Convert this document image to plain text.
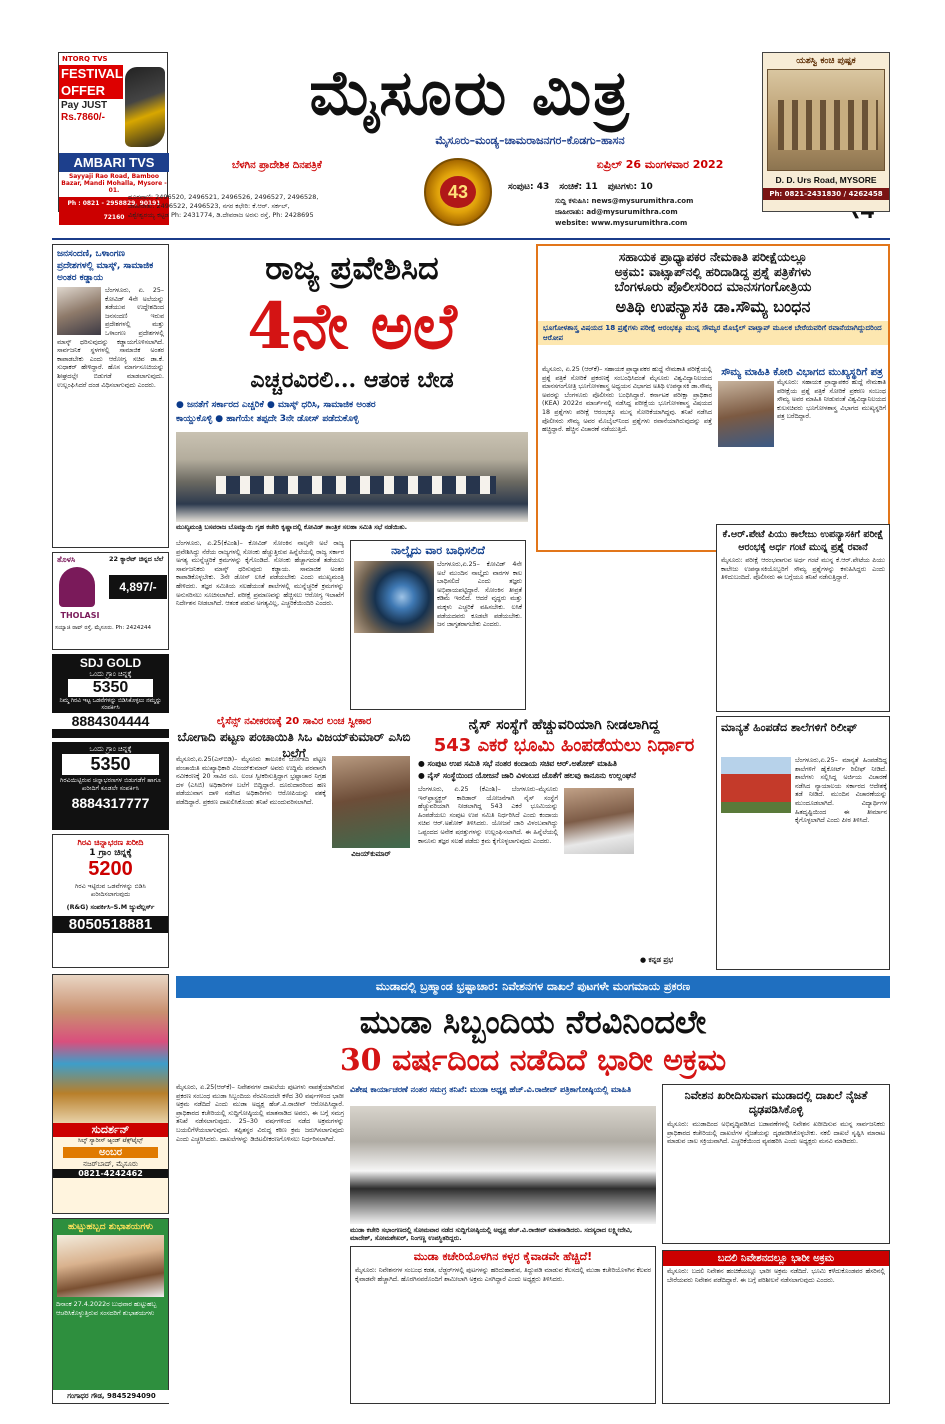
NTORQ TVS
FESTIVAL
OFFER
Pay JUST
Rs.7860/-
AMBARI TVS
Sayyaji Rao Road, Bamboo Bazar, Mandi Mohalla, Mysore - 01.
Ph : 0821 - 2958829, 90191 72160
ಮೈಸೂರು ಮಿತ್ರ
ಮೈಸೂರು–ಮಂಡ್ಯ–ಚಾಮರಾಜನಗರ–ಕೊಡಗು–ಹಾಸನ
ಬೆಳಗಿನ ಪ್ರಾದೇಶಿಕ ದಿನಪತ್ರಿಕೆ	ಏಪ್ರಿಲ್ 26 ಮಂಗಳವಾರ 2022
43	ಸಂಪುಟ: 43 ಸಂಚಿಕೆ: 11 ಪುಟಗಳು: 10
ದೂರವಾಣಿ: 2496520, 2496521, 2496526, 2496527, 2496528,
ಜಾಹೀರಾತು: 2496522, 2496523, ನಗರ ಕಛೇರಿ: ಕೆ.ಆರ್. ಸರ್ಕಲ್,
ವಿಶ್ವೇಶ್ವರಯ್ಯ ಕಟ್ಟಡ Ph: 2431774, ಡಿ.ದೇವರಾಜ ಅರಸು ರಸ್ತೆ, Ph: 2428695
ಸುದ್ದಿ ಕಳುಹಿಸಿ: news@mysurumithra.com
ಜಾಹೀರಾತು: ad@mysurumithra.com
website: www.mysurumithra.com
ಯಶಸ್ವಿ ಕಂಚಿ ಪುಷ್ಪಕ
D. D. Urs Road, MYSORE
Ph: 0821-2431830 / 4262458
ಜನಸಂದಣಿ, ಒಳಾಂಗಣ ಪ್ರದೇಶಗಳಲ್ಲಿ ಮಾಸ್ಕ್, ಸಾಮಾಜಿಕ ಅಂತರ ಕಡ್ಡಾಯ
ಬೆಂಗಳೂರು, ಏ. 25– ಕೋವಿಡ್ 4ನೇ ಅಲೆಯನ್ನು ತಡೆಯುವ ಉದ್ದೇಶದಿಂದ ಜನಸಂದಣಿ ಇರುವ ಪ್ರದೇಶಗಳಲ್ಲಿ ಮತ್ತು ಒಳಾಂಗಣ ಪ್ರದೇಶಗಳಲ್ಲಿ ಮಾಸ್ಕ್ ಧರಿಸುವುದನ್ನು ಕಡ್ಡಾಯಗೊಳಿಸಲಾಗಿದೆ. ಸಾರ್ವಜನಿಕ ಸ್ಥಳಗಳಲ್ಲಿ ಸಾಮಾಜಿಕ ಅಂತರ ಕಾಪಾಡಬೇಕು ಎಂದು ಆರೋಗ್ಯ ಸಚಿವ ಡಾ.ಕೆ. ಸುಧಾಕರ್ ಹೇಳಿದ್ದಾರೆ. ಹೊಸ ಮಾರ್ಗಸೂಚಿಯನ್ನು ಶೀಘ್ರದಲ್ಲೇ ಬಿಡುಗಡೆ ಮಾಡಲಾಗುವುದು. ಉಲ್ಲಂಘಿಸಿದರೆ ದಂಡ ವಿಧಿಸಲಾಗುವುದು ಎಂದರು.
ರಾಜ್ಯ ಪ್ರವೇಶಿಸಿದ
4ನೇ ಅಲೆ
ಎಚ್ಚರವಿರಲಿ... ಆತಂಕ ಬೇಡ
● ಜನತೆಗೆ ಸರ್ಕಾರದ ಎಚ್ಚರಿಕೆ ● ಮಾಸ್ಕ್ ಧರಿಸಿ, ಸಾಮಾಜಿಕ ಅಂತರ
ಕಾಯ್ದುಕೊಳ್ಳಿ ● ಹಾಗೆಯೇ ತಪ್ಪದೇ 3ನೇ ಡೋಸ್ ಪಡೆದುಕೊಳ್ಳಿ
ಮುಖ್ಯಮಂತ್ರಿ ಬಸವರಾಜ ಬೊಮ್ಮಾಯಿ ಗೃಹ ಕಚೇರಿ ಕೃಷ್ಣಾದಲ್ಲಿ ಕೋವಿಡ್ ತಾಂತ್ರಿಕ ಸಲಹಾ ಸಮಿತಿ ಸಭೆ ನಡೆಯಿತು.
ಬೆಂಗಳೂರು, ಏ.25(ಕೆಎಂಶಿ)– ಕೋವಿಡ್ ಸೋಂಕಿನ ನಾಲ್ಕನೇ ಅಲೆ ರಾಜ್ಯ ಪ್ರವೇಶಿಸಿದ್ದು ನೆರೆಯ ರಾಜ್ಯಗಳಲ್ಲಿ ಸೋಂಕು ಹೆಚ್ಚುತ್ತಿರುವ ಹಿನ್ನೆಲೆಯಲ್ಲಿ ರಾಜ್ಯ ಸರ್ಕಾರ ಅಗತ್ಯ ಮುನ್ನೆಚ್ಚರಿಕೆ ಕ್ರಮಗಳನ್ನು ಕೈಗೊಂಡಿದೆ. ಸೋಂಕು ಹೆಚ್ಚಾಗದಂತೆ ತಡೆಯಲು ಸಾರ್ವಜನಿಕರು ಮಾಸ್ಕ್ ಧರಿಸುವುದು ಕಡ್ಡಾಯ. ಸಾಮಾಜಿಕ ಅಂತರ ಕಾಪಾಡಿಕೊಳ್ಳಬೇಕು. 3ನೇ ಡೋಸ್ ಲಸಿಕೆ ಪಡೆಯಬೇಕು ಎಂದು ಮುಖ್ಯಮಂತ್ರಿ ಹೇಳಿದರು. ತಜ್ಞರ ಸಮಿತಿಯ ಸಲಹೆಯಂತೆ ಶಾಲೆಗಳಲ್ಲಿ ಮುನ್ನೆಚ್ಚರಿಕೆ ಕ್ರಮಗಳನ್ನು ಅನುಸರಿಸಲು ಸೂಚಿಸಲಾಗಿದೆ. ಪರೀಕ್ಷೆ ಪ್ರಮಾಣವನ್ನು ಹೆಚ್ಚಿಸಲು ಆರೋಗ್ಯ ಇಲಾಖೆಗೆ ನಿರ್ದೇಶನ ನೀಡಲಾಗಿದೆ. ಆತಂಕ ಪಡುವ ಅಗತ್ಯವಿಲ್ಲ, ಎಚ್ಚರಿಕೆಯಿಂದಿರಿ ಎಂದರು.
ನಾಲ್ಕೈದು ವಾರ ಬಾಧಿಸಲಿದೆ
ಬೆಂಗಳೂರು,ಏ.25– ಕೋವಿಡ್ 4ನೇ ಅಲೆ ಮುಂದಿನ ನಾಲ್ಕೈದು ವಾರಗಳ ಕಾಲ ಬಾಧಿಸಲಿದೆ ಎಂದು ತಜ್ಞರು ಅಭಿಪ್ರಾಯಪಟ್ಟಿದ್ದಾರೆ. ಸೋಂಕಿನ ತೀವ್ರತೆ ಕಡಿಮೆ ಇರಲಿದೆ. ಆದರೆ ವೃದ್ಧರು ಮತ್ತು ಮಕ್ಕಳು ಎಚ್ಚರಿಕೆ ವಹಿಸಬೇಕು. ಲಸಿಕೆ ಪಡೆಯದವರು ಕೂಡಲೇ ಪಡೆಯಬೇಕು. ಜನ ಜಾಗೃತರಾಗಬೇಕು ಎಂದರು.
ಸಹಾಯಕ ಪ್ರಾಧ್ಯಾಪಕರ ನೇಮಕಾತಿ ಪರೀಕ್ಷೆಯಲ್ಲೂ
ಅಕ್ರಮ: ವಾಟ್ಸಾಪ್‌ನಲ್ಲಿ ಹರಿದಾಡಿದ್ದ ಪ್ರಶ್ನೆ ಪತ್ರಿಕೆಗಳು
ಬೆಂಗಳೂರು ಪೊಲೀಸರಿಂದ ಮಾನಸಗಂಗೋತ್ರಿಯ
ಅತಿಥಿ ಉಪನ್ಯಾಸಕಿ ಡಾ.ಸೌಮ್ಯ ಬಂಧನ
ಭೂಗೋಳಶಾಸ್ತ್ರ ವಿಷಯದ 18 ಪ್ರಶ್ನೆಗಳು ಪರೀಕ್ಷೆ ಆರಂಭಕ್ಕೂ ಮುನ್ನ ಸೌಮ್ಯರ ಮೊಬೈಲ್ ವಾಟ್ಸಾಪ್ ಮೂಲಕ ಬೇರೆಯವರಿಗೆ ರವಾನೆಯಾಗಿದ್ದುದರಿಂದ ಆರೋಪ
ಮೈಸೂರು, ಏ.25 (ಆರ್‌ಕೆ)– ಸಹಾಯಕ ಪ್ರಾಧ್ಯಾಪಕರ ಹುದ್ದೆ ನೇಮಕಾತಿ ಪರೀಕ್ಷೆಯಲ್ಲಿ ಪ್ರಶ್ನೆ ಪತ್ರಿಕೆ ಸೋರಿಕೆ ಪ್ರಕರಣಕ್ಕೆ ಸಂಬಂಧಿಸಿದಂತೆ ಮೈಸೂರು ವಿಶ್ವವಿದ್ಯಾನಿಲಯದ ಮಾನಸಗಂಗೋತ್ರಿ ಭೂಗೋಳಶಾಸ್ತ್ರ ಅಧ್ಯಯನ ವಿಭಾಗದ ಅತಿಥಿ ಉಪನ್ಯಾಸಕಿ ಡಾ.ಸೌಮ್ಯ ಅವರನ್ನು ಬೆಂಗಳೂರು ಪೊಲೀಸರು ಬಂಧಿಸಿದ್ದಾರೆ. ಕರ್ನಾಟಕ ಪರೀಕ್ಷಾ ಪ್ರಾಧಿಕಾರ (KEA) 2022ರ ಮಾರ್ಚ್‌ನಲ್ಲಿ ನಡೆಸಿದ್ದ ಪರೀಕ್ಷೆಯ ಭೂಗೋಳಶಾಸ್ತ್ರ ವಿಷಯದ 18 ಪ್ರಶ್ನೆಗಳು ಪರೀಕ್ಷೆ ಆರಂಭಕ್ಕೂ ಮುನ್ನ ಸೋರಿಕೆಯಾಗಿದ್ದವು. ತನಿಖೆ ನಡೆಸಿದ ಪೊಲೀಸರು ಸೌಮ್ಯ ಅವರ ಮೊಬೈಲ್‌ನಿಂದ ಪ್ರಶ್ನೆಗಳು ರವಾನೆಯಾಗಿರುವುದನ್ನು ಪತ್ತೆ ಹಚ್ಚಿದ್ದಾರೆ. ಹೆಚ್ಚಿನ ವಿಚಾರಣೆ ನಡೆಯುತ್ತಿದೆ.
ಸೌಮ್ಯ ಮಾಹಿತಿ ಕೋರಿ ವಿಭಾಗದ ಮುಖ್ಯಸ್ಥರಿಗೆ ಪತ್ರ
ಮೈಸೂರು: ಸಹಾಯಕ ಪ್ರಾಧ್ಯಾಪಕರ ಹುದ್ದೆ ನೇಮಕಾತಿ ಪರೀಕ್ಷೆಯ ಪ್ರಶ್ನೆ ಪತ್ರಿಕೆ ಸೋರಿಕೆ ಪ್ರಕರಣ ಸಂಬಂಧ ಸೌಮ್ಯ ಅವರ ಮಾಹಿತಿ ನೀಡುವಂತೆ ವಿಶ್ವವಿದ್ಯಾನಿಲಯದ ಕುಲಸಚಿವರು ಭೂಗೋಳಶಾಸ್ತ್ರ ವಿಭಾಗದ ಮುಖ್ಯಸ್ಥರಿಗೆ ಪತ್ರ ಬರೆದಿದ್ದಾರೆ.
ಕೆ.ಆರ್.ಪೇಟೆ ಪಿಯು ಕಾಲೇಜು ಉಪನ್ಯಾಸಕಿಗೆ ಪರೀಕ್ಷೆ ಆರಂಭಕ್ಕೆ ಅರ್ಧ ಗಂಟೆ ಮುನ್ನ ಪ್ರಶ್ನೆ ರವಾನೆ
ಮೈಸೂರು: ಪರೀಕ್ಷೆ ಆರಂಭವಾಗುವ ಅರ್ಧ ಗಂಟೆ ಮುನ್ನ ಕೆ.ಆರ್.ಪೇಟೆಯ ಪಿಯು ಕಾಲೇಜು ಉಪನ್ಯಾಸಕಿಯೊಬ್ಬರಿಗೆ ಸೌಮ್ಯ ಪ್ರಶ್ನೆಗಳನ್ನು ಕಳುಹಿಸಿದ್ದರು ಎಂದು ತಿಳಿದುಬಂದಿದೆ. ಪೊಲೀಸರು ಈ ಬಗ್ಗೆಯೂ ತನಿಖೆ ನಡೆಸುತ್ತಿದ್ದಾರೆ.
ತೊಳಸಿ
THOLASI
22 ಕ್ಯಾರೆಟ್ ಚಿನ್ನದ ಬೆಲೆ
4,897/-
ಸಯ್ಯಾಜಿ ರಾವ್ ರಸ್ತೆ, ಮೈಸೂರು. Ph: 2424244
SDJ GOLD
ಒಂದು ಗ್ರಾಂ ಚಿನ್ನಕ್ಕೆ
5350
ನಿಮ್ಮ ಗಿರವಿ ಇಟ್ಟ ಒಡವೆಗಳನ್ನು ಬಿಡಿಸಿಕೊಳ್ಳಲು ನಮ್ಮನ್ನು ಸಂಪರ್ಕಿಸಿ
8884304444
ಒಂದು ಗ್ರಾಂ ಚಿನ್ನಕ್ಕೆ
5350
ಗಿರವಿಯಿಟ್ಟಿರುವ ಚಿನ್ನಾಭರಣಗಳ ಬಿಡುಗಡೆಗೆ ಹಾಗೂ ಖರೀದಿಗೆ ಕೂಡಲೇ ಸಂಪರ್ಕಿಸಿ
8884317777
ಗಿರವಿ ಚಿನ್ನಾಭರಣ ಖರೀದಿ
1 ಗ್ರಾಂ ಚಿನ್ನಕ್ಕೆ
5200
ಗಿರವಿ ಇಟ್ಟಿರುವ ಒಡವೆಗಳನ್ನು ಬಿಡಿಸಿ ಖರೀದಿಸಲಾಗುವುದು
(R&G) ಸಂಪರ್ಕಿಸಿ–S.M ಜ್ಯುವೆಲ್ಲರ್ಸ್
8050518881
ಲೈಸೆನ್ಸ್ ನವೀಕರಣಕ್ಕೆ 20 ಸಾವಿರ ಲಂಚ ಸ್ವೀಕಾರ
ಬೋಗಾದಿ ಪಟ್ಟಣ ಪಂಚಾಯಿತಿ ಸಿಒ ವಿಜಯ್‌ಕುಮಾರ್ ಎಸಿಬಿ ಬಲೆಗೆ
ಮೈಸೂರು,ಏ.25(ಎಸ್‌ಬಿಡಿ)– ಮೈಸೂರು ತಾಲೂಕಿನ ಬೋಗಾದಿ ಪಟ್ಟಣ ಪಂಚಾಯಿತಿ ಮುಖ್ಯಾಧಿಕಾರಿ ವಿಜಯ್‌ಕುಮಾರ್ ಅವರು ಉದ್ದಿಮೆ ಪರವಾನಗಿ ನವೀಕರಣಕ್ಕೆ 20 ಸಾವಿರ ರೂ. ಲಂಚ ಸ್ವೀಕರಿಸುತ್ತಿದ್ದಾಗ ಭ್ರಷ್ಟಾಚಾರ ನಿಗ್ರಹ ದಳ (ಎಸಿಬಿ) ಅಧಿಕಾರಿಗಳ ಬಲೆಗೆ ಬಿದ್ದಿದ್ದಾರೆ. ದೂರುದಾರರಿಂದ ಹಣ ಪಡೆಯುವಾಗ ದಾಳಿ ನಡೆಸಿದ ಅಧಿಕಾರಿಗಳು ಆರೋಪಿಯನ್ನು ವಶಕ್ಕೆ ಪಡೆದಿದ್ದಾರೆ. ಪ್ರಕರಣ ದಾಖಲಿಸಿಕೊಂಡು ತನಿಖೆ ಮುಂದುವರಿಸಲಾಗಿದೆ.
ವಿಜಯ್‌ಕುಮಾರ್
ನೈಸ್ ಸಂಸ್ಥೆಗೆ ಹೆಚ್ಚುವರಿಯಾಗಿ ನೀಡಲಾಗಿದ್ದ
543 ಎಕರೆ ಭೂಮಿ ಹಿಂಪಡೆಯಲು ನಿರ್ಧಾರ
● ಸಂಪುಟ ಉಪ ಸಮಿತಿ ಸಭೆ ನಂತರ ಕಂದಾಯ ಸಚಿವ ಆರ್.ಅಶೋಕ್ ಮಾಹಿತಿ
● ನೈಸ್ ಸಂಸ್ಥೆಯಿಂದ ಯೋಜನೆ ಜಾರಿ ವಿಳಂಬದ ಜೊತೆಗೆ ಹಲವು ಕಾನೂನು ಉಲ್ಲಂಘನೆ
ಬೆಂಗಳೂರು, ಏ.25 (ಕೆಎಂಶಿ)– ಬೆಂಗಳೂರು–ಮೈಸೂರು ಇನ್‌ಫ್ರಾಸ್ಟ್ರಕ್ಚರ್ ಕಾರಿಡಾರ್ ಯೋಜನೆಗಾಗಿ ನೈಸ್ ಸಂಸ್ಥೆಗೆ ಹೆಚ್ಚುವರಿಯಾಗಿ ನೀಡಲಾಗಿದ್ದ 543 ಎಕರೆ ಭೂಮಿಯನ್ನು ಹಿಂಪಡೆಯಲು ಸಂಪುಟ ಉಪ ಸಮಿತಿ ನಿರ್ಧರಿಸಿದೆ ಎಂದು ಕಂದಾಯ ಸಚಿವ ಆರ್.ಅಶೋಕ್ ತಿಳಿಸಿದರು. ಯೋಜನೆ ಜಾರಿ ವಿಳಂಬವಾಗಿದ್ದು ಒಪ್ಪಂದದ ಅನೇಕ ಷರತ್ತುಗಳನ್ನು ಉಲ್ಲಂಘಿಸಲಾಗಿದೆ. ಈ ಹಿನ್ನೆಲೆಯಲ್ಲಿ ಕಾನೂನು ತಜ್ಞರ ಸಲಹೆ ಪಡೆದು ಕ್ರಮ ಕೈಗೊಳ್ಳಲಾಗುವುದು ಎಂದರು.
● ಕನ್ನಡ ಪ್ರಭ
ಮಾನ್ಯತೆ ಹಿಂಪಡೆದ ಶಾಲೆಗಳಿಗೆ ರಿಲೀಫ್
ಬೆಂಗಳೂರು,ಏ.25– ಮಾನ್ಯತೆ ಹಿಂಪಡೆದಿದ್ದ ಶಾಲೆಗಳಿಗೆ ಹೈಕೋರ್ಟ್ ರಿಲೀಫ್ ನೀಡಿದೆ. ಶಾಲೆಗಳು ಸಲ್ಲಿಸಿದ್ದ ಅರ್ಜಿಯ ವಿಚಾರಣೆ ನಡೆಸಿದ ನ್ಯಾಯಾಲಯ ಸರ್ಕಾರದ ಆದೇಶಕ್ಕೆ ತಡೆ ನೀಡಿದೆ. ಮುಂದಿನ ವಿಚಾರಣೆಯನ್ನು ಮುಂದೂಡಲಾಗಿದೆ. ವಿದ್ಯಾರ್ಥಿಗಳ ಹಿತದೃಷ್ಟಿಯಿಂದ ಈ ತೀರ್ಮಾನ ಕೈಗೊಳ್ಳಲಾಗಿದೆ ಎಂದು ಪೀಠ ತಿಳಿಸಿದೆ.
ಮುಡಾದಲ್ಲಿ ಬ್ರಹ್ಮಾಂಡ ಭ್ರಷ್ಟಾಚಾರ: ನಿವೇಶನಗಳ ದಾಖಲೆ ಪುಟಗಳೇ ಮಂಗಮಾಯ ಪ್ರಕರಣ
ಮುಡಾ ಸಿಬ್ಬಂದಿಯ ನೆರವಿನಿಂದಲೇ
30 ವರ್ಷದಿಂದ ನಡೆದಿದೆ ಭಾರೀ ಅಕ್ರಮ
ಸುದರ್ಶನ್
ಸಿಲ್ಕ್ ಸ್ಯಾರೀಸ್ ಆ್ಯಂಡ್ ಟೆಕ್ಸ್‌ಟೈಲ್ಸ್
ಅಂಬರ
ನಜರ್‌ಬಾದ್, ಮೈಸೂರು
0821-4242462
ಹುಟ್ಟುಹಬ್ಬದ ಶುಭಾಶಯಗಳು
ದಿನಾಂಕ 27.4.2022ರ ಬುಧವಾರ ಹುಟ್ಟುಹಬ್ಬ ಆಚರಿಸಿಕೊಳ್ಳುತ್ತಿರುವ ಸಂಸದರಿಗೆ ಶುಭಾಶಯಗಳು
ಗಂಗಾಧರ ಗೌಡ, 9845294090
ಮೈಸೂರು, ಏ.25(ಆರ್‌ಕೆ)– ನಿವೇಶನಗಳ ದಾಖಲೆಯ ಪುಟಗಳು ನಾಪತ್ತೆಯಾಗಿರುವ ಪ್ರಕರಣ ಸಂಬಂಧ ಮುಡಾ ಸಿಬ್ಬಂದಿಯ ನೆರವಿನಿಂದಲೇ ಕಳೆದ 30 ವರ್ಷಗಳಿಂದ ಭಾರೀ ಅಕ್ರಮ ನಡೆದಿದೆ ಎಂದು ಮುಡಾ ಅಧ್ಯಕ್ಷ ಹೆಚ್.ವಿ.ರಾಜೀವ್ ಆರೋಪಿಸಿದ್ದಾರೆ. ಪ್ರಾಧಿಕಾರದ ಕಚೇರಿಯಲ್ಲಿ ಸುದ್ದಿಗೋಷ್ಠಿಯಲ್ಲಿ ಮಾತನಾಡಿದ ಅವರು, ಈ ಬಗ್ಗೆ ಸಮಗ್ರ ತನಿಖೆ ನಡೆಸಲಾಗುವುದು. 25–30 ವರ್ಷಗಳಿಂದ ನಡೆದ ಅಕ್ರಮಗಳನ್ನು ಬಯಲಿಗೆಳೆಯಲಾಗುವುದು. ತಪ್ಪಿತಸ್ಥರ ವಿರುದ್ಧ ಕಠಿಣ ಕ್ರಮ ಜರುಗಿಸಲಾಗುವುದು ಎಂದು ಎಚ್ಚರಿಸಿದರು. ದಾಖಲೆಗಳನ್ನು ಡಿಜಿಟಲೀಕರಣಗೊಳಿಸಲು ನಿರ್ಧರಿಸಲಾಗಿದೆ.
ವಿಶೇಷ ಕಾರ್ಯಾಚರಣೆ ನಂತರ ಸಮಗ್ರ ತನಿಖೆ: ಮುಡಾ ಅಧ್ಯಕ್ಷ ಹೆಚ್.ವಿ.ರಾಜೀವ್ ಪತ್ರಿಕಾಗೋಷ್ಠಿಯಲ್ಲಿ ಮಾಹಿತಿ
ಮುಡಾ ಕಚೇರಿ ಸಭಾಂಗಣದಲ್ಲಿ ಸೋಮವಾರ ನಡೆದ ಸುದ್ದಿಗೋಷ್ಠಿಯಲ್ಲಿ ಅಧ್ಯಕ್ಷ ಹೆಚ್.ವಿ.ರಾಜೀವ್ ಮಾತನಾಡಿದರು. ಸದಸ್ಯರಾದ ಲಕ್ಷ್ಮೀದೇವಿ, ಮಾದೇಶ್, ಸೋಮಶೇಖರ್, ನಿಂಗಣ್ಣ ಉಪಸ್ಥಿತರಿದ್ದರು.
ಮುಡಾ ಕಚೇರಿಯೊಳಗಿನ ಕಳ್ಳರ ಕೈವಾಡವೇ ಹೆಚ್ಚಿದೆ!
ಮೈಸೂರು: ನಿವೇಶನಗಳ ಸಂಬಂಧ ಕಡತ, ಲೆಡ್ಜರ್‌ಗಳಲ್ಲಿ ಪುಟಗಳನ್ನು ಹರಿದುಹಾಕುವ, ತಿದ್ದುಪಡಿ ಮಾಡುವ ಕೆಲಸದಲ್ಲಿ ಮುಡಾ ಕಚೇರಿಯೊಳಗಿನ ಕೆಲವರ ಕೈವಾಡವೇ ಹೆಚ್ಚಾಗಿದೆ. ಹೊರಗಿನವರೊಂದಿಗೆ ಶಾಮೀಲಾಗಿ ಅಕ್ರಮ ಎಸಗಿದ್ದಾರೆ ಎಂದು ಅಧ್ಯಕ್ಷರು ತಿಳಿಸಿದರು.
ನಿವೇಶನ ಖರೀದಿಸುವಾಗ ಮುಡಾದಲ್ಲಿ ದಾಖಲೆ ನೈಜತೆ ದೃಢಪಡಿಸಿಕೊಳ್ಳಿ
ಮೈಸೂರು: ಮುಡಾದಿಂದ ಅಭಿವೃದ್ಧಿಪಡಿಸಿದ ಬಡಾವಣೆಗಳಲ್ಲಿ ನಿವೇಶನ ಖರೀದಿಸುವ ಮುನ್ನ ಸಾರ್ವಜನಿಕರು ಪ್ರಾಧಿಕಾರದ ಕಚೇರಿಯಲ್ಲಿ ದಾಖಲೆಗಳ ನೈಜತೆಯನ್ನು ದೃಢಪಡಿಸಿಕೊಳ್ಳಬೇಕು. ನಕಲಿ ದಾಖಲೆ ಸೃಷ್ಟಿಸಿ ಮಾರಾಟ ಮಾಡುವ ಜಾಲ ಸಕ್ರಿಯವಾಗಿದೆ. ಎಚ್ಚರಿಕೆಯಿಂದ ವ್ಯವಹರಿಸಿ ಎಂದು ಅಧ್ಯಕ್ಷರು ಮನವಿ ಮಾಡಿದರು.
ಬದಲಿ ನಿವೇಶನದಲ್ಲೂ ಭಾರೀ ಅಕ್ರಮ
ಮೈಸೂರು: ಬದಲಿ ನಿವೇಶನ ಹಂಚಿಕೆಯಲ್ಲೂ ಭಾರೀ ಅಕ್ರಮ ನಡೆದಿದೆ. ಭೂಮಿ ಕಳೆದುಕೊಂಡವರ ಹೆಸರಿನಲ್ಲಿ ಬೇರೆಯವರು ನಿವೇಶನ ಪಡೆದಿದ್ದಾರೆ. ಈ ಬಗ್ಗೆ ಪರಿಶೀಲನೆ ನಡೆಸಲಾಗುವುದು ಎಂದರು.
